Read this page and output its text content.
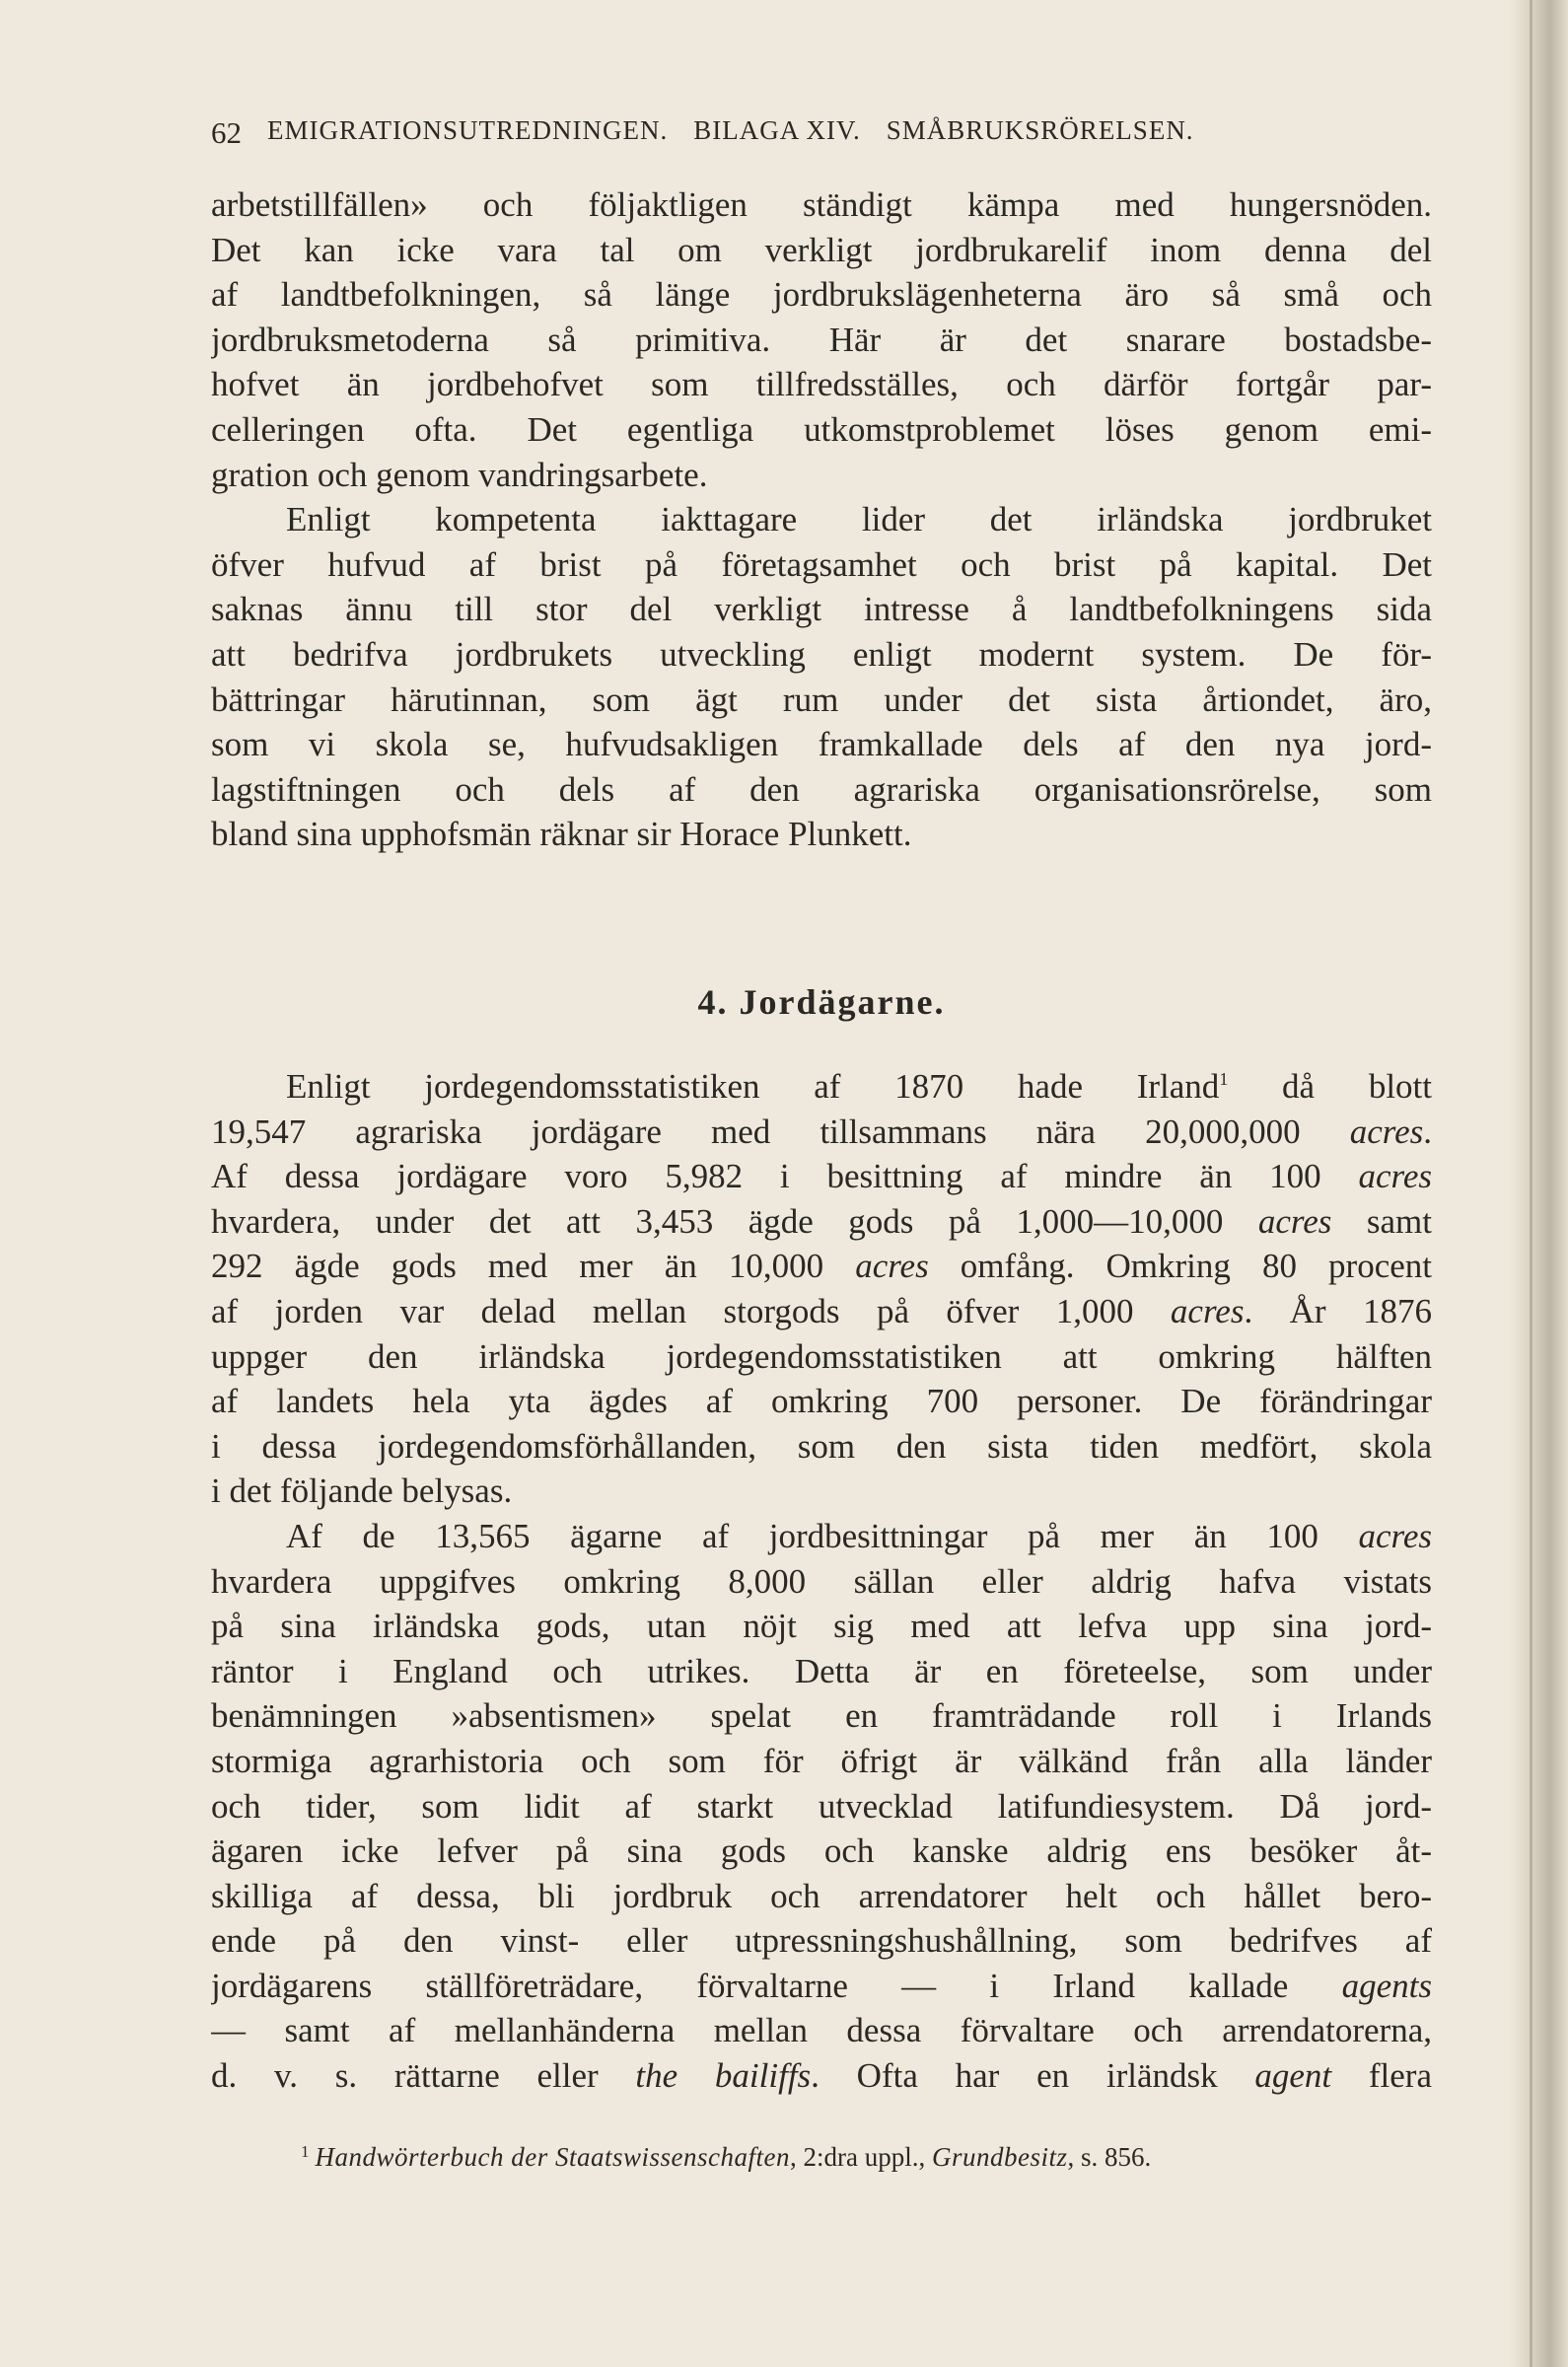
62 EMIGRATIONSUTREDNINGEN. BILAGA XIV. SMÅBRUKSRÖRELSEN.
arbetstillfällen» och följaktligen ständigt kämpa med hungersnöden.
Det kan icke vara tal om verkligt jordbrukarelif inom denna del
af landtbefolkningen, så länge jordbrukslägenheterna äro så små och
jordbruksmetoderna så primitiva. Här är det snarare bostadsbe-
hofvet än jordbehofvet som tillfredsställes, och därför fortgår par-
celleringen ofta. Det egentliga utkomstproblemet löses genom emi-
gration och genom vandringsarbete.
Enligt kompetenta iakttagare lider det irländska jordbruket
öfver hufvud af brist på företagsamhet och brist på kapital. Det
saknas ännu till stor del verkligt intresse å landtbefolkningens sida
att bedrifva jordbrukets utveckling enligt modernt system. De för-
bättringar härutinnan, som ägt rum under det sista årtiondet, äro,
som vi skola se, hufvudsakligen framkallade dels af den nya jord-
lagstiftningen och dels af den agrariska organisationsrörelse, som
bland sina upphofsmän räknar sir Horace Plunkett.
4. Jordägarne.
Enligt jordegendomsstatistiken af 1870 hade Irland$^1$ då blott
19,547 agrariska jordägare med tillsammans nära 20,000,000 acres.
Af dessa jordägare voro 5,982 i besittning af mindre än 100 acres
hvardera, under det att 3,453 ägde gods på 1,000—10,000 acres samt
292 ägde gods med mer än 10,000 acres omfång. Omkring 80 procent
af jorden var delad mellan storgods på öfver 1,000 acres. År 1876
uppger den irländska jordegendomsstatistiken att omkring hälften
af landets hela yta ägdes af omkring 700 personer. De förändringar
i dessa jordegendomsförhållanden, som den sista tiden medfört, skola
i det följande belysas.
Af de 13,565 ägarne af jordbesittningar på mer än 100 acres
hvardera uppgifves omkring 8,000 sällan eller aldrig hafva vistats
på sina irländska gods, utan nöjt sig med att lefva upp sina jord-
räntor i England och utrikes. Detta är en företeelse, som under
benämningen »absentismen» spelat en framträdande roll i Irlands
stormiga agrarhistoria och som för öfrigt är välkänd från alla länder
och tider, som lidit af starkt utvecklad latifundiesystem. Då jord-
ägaren icke lefver på sina gods och kanske aldrig ens besöker åt-
skilliga af dessa, bli jordbruk och arrendatorer helt och hållet bero-
ende på den vinst- eller utpressningshushållning, som bedrifves af
jordägarens ställföreträdare, förvaltarne — i Irland kallade agents
— samt af mellanhänderna mellan dessa förvaltare och arrendatorerna,
d. v. s. rättarne eller the bailiffs. Ofta har en irländsk agent flera
$^1$ Handwörterbuch der Staatswissenschaften, 2:dra uppl., Grundbesitz, s. 856.
